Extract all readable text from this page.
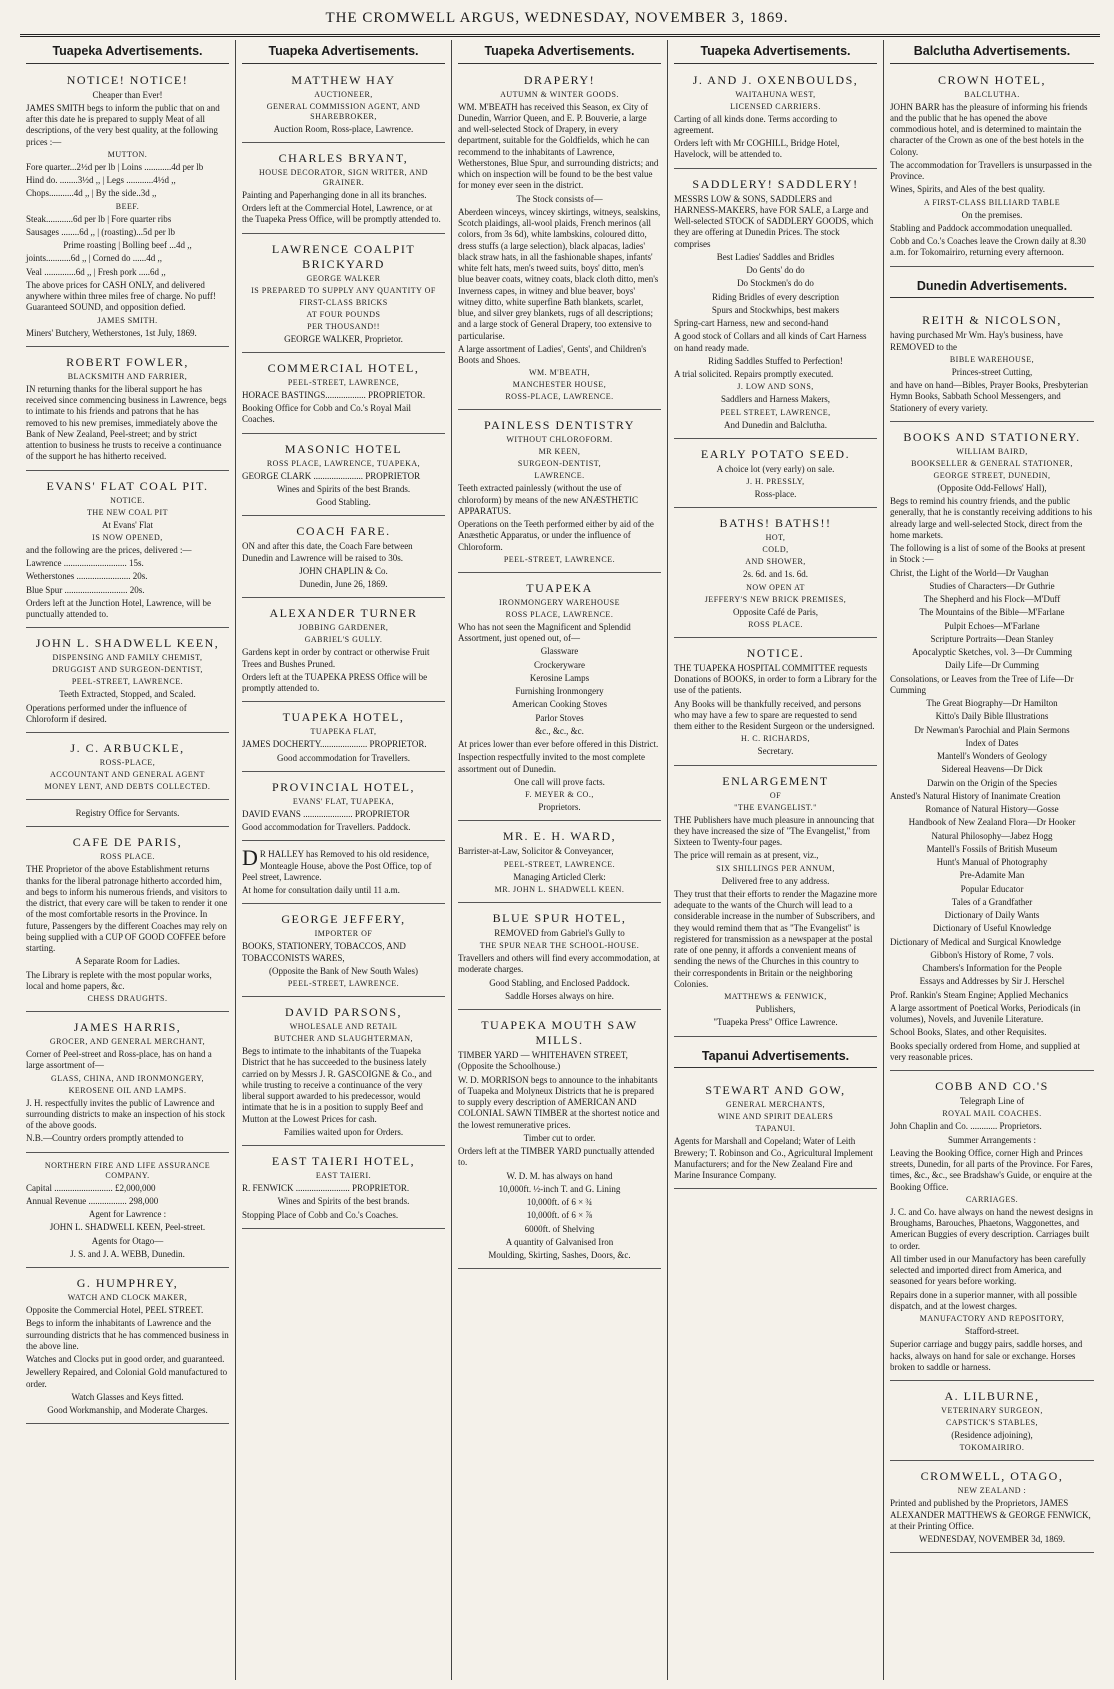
THE CROMWELL ARGUS, WEDNESDAY, NOVEMBER 3, 1869.
Tuapeka Advertisements.
NOTICE! NOTICE!
Cheaper than Ever!
JAMES SMITH begs to inform the public that on and after this date he is prepared to supply Meat of all descriptions, of the very best quality, at the following prices :—
MUTTON.
Fore quarter...2½d per lb | Loins ............4d per lb
Hind do. ........3½d ,, | Legs ............4½d ,,
Chops...........4d ,, | By the side..3d ,,
BEEF.
Steak............6d per lb | Fore quarter ribs
Sausages ........6d ,, | (roasting)...5d per lb
Prime roasting | Bolling beef ...4d ,,
joints...........6d ,, | Corned do ......4d ,,
Veal ..............6d ,, | Fresh pork .....6d ,,
The above prices for CASH ONLY, and delivered anywhere within three miles free of charge. No puff! Guaranteed SOUND, and opposition defied.
JAMES SMITH.
Miners' Butchery, Wetherstones, 1st July, 1869.
ROBERT FOWLER,
BLACKSMITH AND FARRIER,
IN returning thanks for the liberal support he has received since commencing business in Lawrence, begs to intimate to his friends and patrons that he has removed to his new premises, immediately above the Bank of New Zealand, Peel-street; and by strict attention to business he trusts to receive a continuance of the support he has hitherto received.
EVANS' FLAT COAL PIT.
NOTICE.
THE NEW COAL PIT
At Evans' Flat
IS NOW OPENED,
and the following are the prices, delivered :—
Lawrence ............................ 15s.
Wetherstones ........................ 20s.
Blue Spur ............................ 20s.
Orders left at the Junction Hotel, Lawrence, will be punctually attended to.
JOHN L. SHADWELL KEEN,
DISPENSING AND FAMILY CHEMIST,
DRUGGIST AND SURGEON-DENTIST,
PEEL-STREET, LAWRENCE.
Teeth Extracted, Stopped, and Scaled.
Operations performed under the influence of Chloroform if desired.
J. C. ARBUCKLE,
ROSS-PLACE,
ACCOUNTANT AND GENERAL AGENT
MONEY LENT, AND DEBTS COLLECTED.
Registry Office for Servants.
CAFE DE PARIS,
ROSS PLACE.
THE Proprietor of the above Establishment returns thanks for the liberal patronage hitherto accorded him, and begs to inform his numerous friends, and visitors to the district, that every care will be taken to render it one of the most comfortable resorts in the Province. In future, Passengers by the different Coaches may rely on being supplied with a CUP OF GOOD COFFEE before starting.
A Separate Room for Ladies.
The Library is replete with the most popular works, local and home papers, &c.
CHESS DRAUGHTS.
JAMES HARRIS,
GROCER, AND GENERAL MERCHANT,
Corner of Peel-street and Ross-place, has on hand a large assortment of—
GLASS, CHINA, AND IRONMONGERY,
KEROSENE OIL AND LAMPS.
J. H. respectfully invites the public of Lawrence and surrounding districts to make an inspection of his stock of the above goods.
N.B.—Country orders promptly attended to
NORTHERN FIRE AND LIFE ASSURANCE COMPANY.
Capital .......................... £2,000,000
Annual Revenue ................. 298,000
Agent for Lawrence :
JOHN L. SHADWELL KEEN, Peel-street.
Agents for Otago—
J. S. and J. A. WEBB, Dunedin.
G. HUMPHREY,
WATCH AND CLOCK MAKER,
Opposite the Commercial Hotel, PEEL STREET.
Begs to inform the inhabitants of Lawrence and the surrounding districts that he has commenced business in the above line.
Watches and Clocks put in good order, and guaranteed.
Jewellery Repaired, and Colonial Gold manufactured to order.
Watch Glasses and Keys fitted.
Good Workmanship, and Moderate Charges.
Tuapeka Advertisements.
MATTHEW HAY
AUCTIONEER,
GENERAL COMMISSION AGENT, AND SHAREBROKER,
Auction Room, Ross-place, Lawrence.
CHARLES BRYANT,
HOUSE DECORATOR, SIGN WRITER, AND GRAINER.
Painting and Paperhanging done in all its branches.
Orders left at the Commercial Hotel, Lawrence, or at the Tuapeka Press Office, will be promptly attended to.
LAWRENCE COALPIT BRICKYARD
GEORGE WALKER
IS PREPARED TO SUPPLY ANY QUANTITY OF
FIRST-CLASS BRICKS
AT FOUR POUNDS
PER THOUSAND!!
GEORGE WALKER, Proprietor.
COMMERCIAL HOTEL,
PEEL-STREET, LAWRENCE,
HORACE BASTINGS.................. PROPRIETOR.
Booking Office for Cobb and Co.'s Royal Mail Coaches.
MASONIC HOTEL
ROSS PLACE, LAWRENCE, TUAPEKA,
GEORGE CLARK ...................... PROPRIETOR
Wines and Spirits of the best Brands.
Good Stabling.
COACH FARE.
ON and after this date, the Coach Fare between Dunedin and Lawrence will be raised to 30s.
JOHN CHAPLIN & Co.
Dunedin, June 26, 1869.
ALEXANDER TURNER
JOBBING GARDENER,
GABRIEL'S GULLY.
Gardens kept in order by contract or otherwise Fruit Trees and Bushes Pruned.
Orders left at the TUAPEKA PRESS Office will be promptly attended to.
TUAPEKA HOTEL,
TUAPEKA FLAT,
JAMES DOCHERTY..................... PROPRIETOR.
Good accommodation for Travellers.
PROVINCIAL HOTEL,
EVANS' FLAT, TUAPEKA,
DAVID EVANS ...................... PROPRIETOR
Good accommodation for Travellers. Paddock.
DR HALLEY has Removed to his old residence, Monteagle House, above the Post Office, top of Peel street, Lawrence.
At home for consultation daily until 11 a.m.
GEORGE JEFFERY,
IMPORTER OF
BOOKS, STATIONERY, TOBACCOS, AND TOBACCONISTS WARES,
(Opposite the Bank of New South Wales)
PEEL-STREET, LAWRENCE.
DAVID PARSONS,
WHOLESALE AND RETAIL
BUTCHER AND SLAUGHTERMAN,
Begs to intimate to the inhabitants of the Tuapeka District that he has succeeded to the business lately carried on by Messrs J. R. GASCOIGNE & Co., and while trusting to receive a continuance of the very liberal support awarded to his predecessor, would intimate that he is in a position to supply Beef and Mutton at the Lowest Prices for cash.
Families waited upon for Orders.
EAST TAIERI HOTEL,
EAST TAIERI.
R. FENWICK ........................ PROPRIETOR.
Wines and Spirits of the best brands.
Stopping Place of Cobb and Co.'s Coaches.
Tuapeka Advertisements.
DRAPERY!
AUTUMN & WINTER GOODS.
WM. M'BEATH has received this Season, ex City of Dunedin, Warrior Queen, and E. P. Bouverie, a large and well-selected Stock of Drapery, in every department, suitable for the Goldfields, which he can recommend to the inhabitants of Lawrence, Wetherstones, Blue Spur, and surrounding districts; and which on inspection will be found to be the best value for money ever seen in the district.
The Stock consists of—
Aberdeen winceys, wincey skirtings, witneys, sealskins, Scotch plaidings, all-wool plaids, French merinos (all colors, from 3s 6d), white lambskins, coloured ditto, dress stuffs (a large selection), black alpacas, ladies' black straw hats, in all the fashionable shapes, infants' white felt hats, men's tweed suits, boys' ditto, men's blue beaver coats, witney coats, black cloth ditto, men's Inverness capes, in witney and blue beaver, boys' witney ditto, white superfine Bath blankets, scarlet, blue, and silver grey blankets, rugs of all descriptions; and a large stock of General Drapery, too extensive to particularise.
A large assortment of Ladies', Gents', and Children's Boots and Shoes.
WM. M'BEATH,
MANCHESTER HOUSE,
ROSS-PLACE, LAWRENCE.
PAINLESS DENTISTRY
WITHOUT CHLOROFORM.
MR KEEN,
SURGEON-DENTIST,
LAWRENCE.
Teeth extracted painlessly (without the use of chloroform) by means of the new ANÆSTHETIC APPARATUS.
Operations on the Teeth performed either by aid of the Anæsthetic Apparatus, or under the influence of Chloroform.
PEEL-STREET, LAWRENCE.
TUAPEKA
IRONMONGERY WAREHOUSE
ROSS PLACE, LAWRENCE.
Who has not seen the Magnificent and Splendid Assortment, just opened out, of—
Glassware
Crockeryware
Kerosine Lamps
Furnishing Ironmongery
American Cooking Stoves
Parlor Stoves
&c., &c., &c.
At prices lower than ever before offered in this District.
Inspection respectfully invited to the most complete assortment out of Dunedin.
One call will prove facts.
F. MEYER & CO.,
Proprietors.
MR. E. H. WARD,
Barrister-at-Law, Solicitor & Conveyancer,
PEEL-STREET, LAWRENCE.
Managing Articled Clerk:
MR. JOHN L. SHADWELL KEEN.
BLUE SPUR HOTEL,
REMOVED from Gabriel's Gully to
THE SPUR NEAR THE SCHOOL-HOUSE.
Travellers and others will find every accommodation, at moderate charges.
Good Stabling, and Enclosed Paddock.
Saddle Horses always on hire.
TUAPEKA MOUTH SAW MILLS.
TIMBER YARD — WHITEHAVEN STREET, (Opposite the Schoolhouse.)
W. D. MORRISON begs to announce to the inhabitants of Tuapeka and Molyneux Districts that he is prepared to supply every description of AMERICAN AND COLONIAL SAWN TIMBER at the shortest notice and the lowest remunerative prices.
Timber cut to order.
Orders left at the TIMBER YARD punctually attended to.
W. D. M. has always on hand
10,000ft. ½-inch T. and G. Lining
10,000ft. of 6 × ¾
10,000ft. of 6 × ⅞
6000ft. of Shelving
A quantity of Galvanised Iron
Moulding, Skirting, Sashes, Doors, &c.
Tuapeka Advertisements.
J. AND J. OXENBOULDS,
WAITAHUNA WEST,
LICENSED CARRIERS.
Carting of all kinds done. Terms according to agreement.
Orders left with Mr COGHILL, Bridge Hotel, Havelock, will be attended to.
SADDLERY! SADDLERY!
MESSRS LOW & SONS, SADDLERS and HARNESS-MAKERS, have FOR SALE, a Large and Well-selected STOCK of SADDLERY GOODS, which they are offering at Dunedin Prices. The stock comprises
Best Ladies' Saddles and Bridles
Do Gents' do do
Do Stockmen's do do
Riding Bridles of every description
Spurs and Stockwhips, best makers
Spring-cart Harness, new and second-hand
A good stock of Collars and all kinds of Cart Harness on hand ready made.
Riding Saddles Stuffed to Perfection!
A trial solicited. Repairs promptly executed.
J. LOW AND SONS,
Saddlers and Harness Makers,
PEEL STREET, LAWRENCE,
And Dunedin and Balclutha.
EARLY POTATO SEED.
A choice lot (very early) on sale.
J. H. PRESSLY,
Ross-place.
BATHS! BATHS!!
HOT,
COLD,
AND SHOWER,
2s. 6d. and 1s. 6d.
NOW OPEN AT
JEFFERY'S NEW BRICK PREMISES,
Opposite Café de Paris,
ROSS PLACE.
NOTICE.
THE TUAPEKA HOSPITAL COMMITTEE requests Donations of BOOKS, in order to form a Library for the use of the patients.
Any Books will be thankfully received, and persons who may have a few to spare are requested to send them either to the Resident Surgeon or the undersigned.
H. C. RICHARDS,
Secretary.
ENLARGEMENT
OF
"THE EVANGELIST."
THE Publishers have much pleasure in announcing that they have increased the size of "The Evangelist," from Sixteen to Twenty-four pages.
The price will remain as at present, viz.,
SIX SHILLINGS PER ANNUM,
Delivered free to any address.
They trust that their efforts to render the Magazine more adequate to the wants of the Church will lead to a considerable increase in the number of Subscribers, and they would remind them that as "The Evangelist" is registered for transmission as a newspaper at the postal rate of one penny, it affords a convenient means of sending the news of the Churches in this country to their correspondents in Britain or the neighboring Colonies.
MATTHEWS & FENWICK,
Publishers,
"Tuapeka Press" Office Lawrence.
Tapanui Advertisements.
STEWART AND GOW,
GENERAL MERCHANTS,
WINE AND SPIRIT DEALERS
TAPANUI.
Agents for Marshall and Copeland; Water of Leith Brewery; T. Robinson and Co., Agricultural Implement Manufacturers; and for the New Zealand Fire and Marine Insurance Company.
Balclutha Advertisements.
CROWN HOTEL,
BALCLUTHA.
JOHN BARR has the pleasure of informing his friends and the public that he has opened the above commodious hotel, and is determined to maintain the character of the Crown as one of the best hotels in the Colony.
The accommodation for Travellers is unsurpassed in the Province.
Wines, Spirits, and Ales of the best quality.
A FIRST-CLASS BILLIARD TABLE
On the premises.
Stabling and Paddock accommodation unequalled.
Cobb and Co.'s Coaches leave the Crown daily at 8.30 a.m. for Tokomairiro, returning every afternoon.
Dunedin Advertisements.
REITH & NICOLSON,
having purchased Mr Wm. Hay's business, have REMOVED to the
BIBLE WAREHOUSE,
Princes-street Cutting,
and have on hand—Bibles, Prayer Books, Presbyterian Hymn Books, Sabbath School Messengers, and Stationery of every variety.
BOOKS AND STATIONERY.
WILLIAM BAIRD,
BOOKSELLER & GENERAL STATIONER,
GEORGE STREET, DUNEDIN,
(Opposite Odd-Fellows' Hall),
Begs to remind his country friends, and the public generally, that he is constantly receiving additions to his already large and well-selected Stock, direct from the home markets.
The following is a list of some of the Books at present in Stock :—
Christ, the Light of the World—Dr Vaughan
Studies of Characters—Dr Guthrie
The Shepherd and his Flock—M'Duff
The Mountains of the Bible—M'Farlane
Pulpit Echoes—M'Farlane
Scripture Portraits—Dean Stanley
Apocalyptic Sketches, vol. 3—Dr Cumming
Daily Life—Dr Cumming
Consolations, or Leaves from the Tree of Life—Dr Cumming
The Great Biography—Dr Hamilton
Kitto's Daily Bible Illustrations
Dr Newman's Parochial and Plain Sermons
Index of Dates
Mantell's Wonders of Geology
Sidereal Heavens—Dr Dick
Darwin on the Origin of the Species
Ansted's Natural History of Inanimate Creation
Romance of Natural History—Gosse
Handbook of New Zealand Flora—Dr Hooker
Natural Philosophy—Jabez Hogg
Mantell's Fossils of British Museum
Hunt's Manual of Photography
Pre-Adamite Man
Popular Educator
Tales of a Grandfather
Dictionary of Daily Wants
Dictionary of Useful Knowledge
Dictionary of Medical and Surgical Knowledge
Gibbon's History of Rome, 7 vols.
Chambers's Information for the People
Essays and Addresses by Sir J. Herschel
Prof. Rankin's Steam Engine; Applied Mechanics
A large assortment of Poetical Works, Periodicals (in volumes), Novels, and Juvenile Literature.
School Books, Slates, and other Requisites.
Books specially ordered from Home, and supplied at very reasonable prices.
COBB AND CO.'S
Telegraph Line of
ROYAL MAIL COACHES.
John Chaplin and Co. ............ Proprietors.
Summer Arrangements :
Leaving the Booking Office, corner High and Princes streets, Dunedin, for all parts of the Province. For Fares, times, &c., &c., see Bradshaw's Guide, or enquire at the Booking Office.
CARRIAGES.
J. C. and Co. have always on hand the newest designs in Broughams, Barouches, Phaetons, Waggonettes, and American Buggies of every description. Carriages built to order.
All timber used in our Manufactory has been carefully selected and imported direct from America, and seasoned for years before working.
Repairs done in a superior manner, with all possible dispatch, and at the lowest charges.
MANUFACTORY AND REPOSITORY,
Stafford-street.
Superior carriage and buggy pairs, saddle horses, and hacks, always on hand for sale or exchange. Horses broken to saddle or harness.
A. LILBURNE,
VETERINARY SURGEON,
CAPSTICK'S STABLES,
(Residence adjoining),
TOKOMAIRIRO.
CROMWELL, OTAGO,
NEW ZEALAND :
Printed and published by the Proprietors, JAMES ALEXANDER MATTHEWS & GEORGE FENWICK, at their Printing Office.
WEDNESDAY, NOVEMBER 3d, 1869.
